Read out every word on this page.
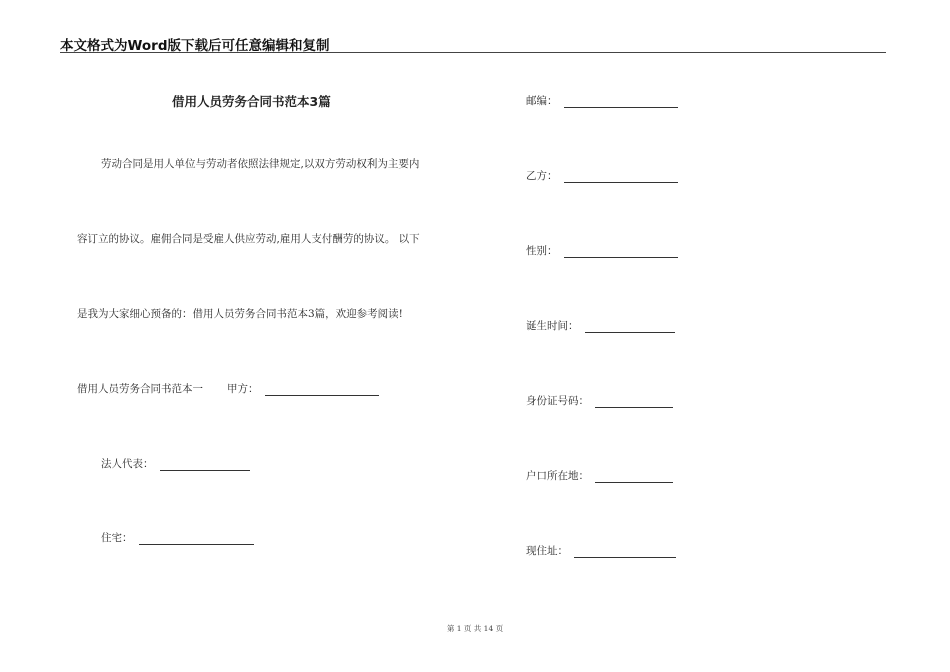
本文格式为Word版下载后可任意编辑和复制
借用人员劳务合同书范本3篇
劳动合同是用人单位与劳动者依照法律规定,以双方劳动权利为主要内
容订立的协议。雇佣合同是受雇人供应劳动,雇用人支付酬劳的协议。 以下
是我为大家细心预备的：借用人员劳务合同书范本3篇，欢迎参考阅读!
借用人员劳务合同书范本一 甲方：
法人代表：
住宅：
邮编：
乙方：
性别：
诞生时间：
身份证号码：
户口所在地：
现住址：
第 1 页 共 14 页
